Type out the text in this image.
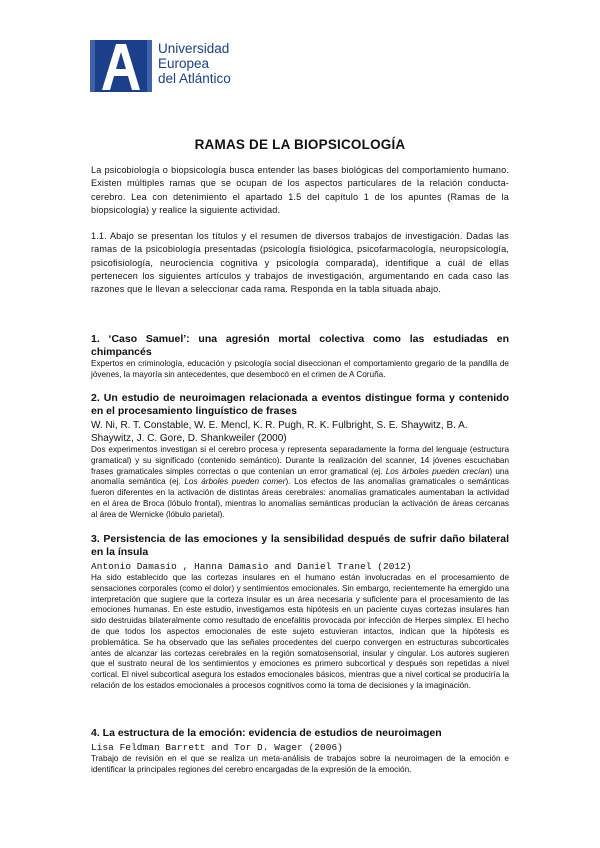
Universidad
Europea
del Atlántico
RAMAS DE LA BIOPSICOLOGÍA
La psicobiología o biopsicología busca entender las bases biológicas del comportamiento humano. Existen múltiples ramas que se ocupan de los aspectos particulares de la relación conducta-cerebro. Lea con detenimiento el apartado 1.5 del capítulo 1 de los apuntes (Ramas de la biopsicología) y realice la siguiente actividad.
1.1. Abajo se presentan los títulos y el resumen de diversos trabajos de investigación. Dadas las ramas de la psicobiología presentadas (psicología fisiológica, psicofarmacología, neuropsicología, psicofisiología, neurociencia cognitiva y psicología comparada), identifique a cuál de ellas pertenecen los siguientes artículos y trabajos de investigación, argumentando en cada caso las razones que le llevan a seleccionar cada rama. Responda en la tabla situada abajo.
1. ‘Caso Samuel’: una agresión mortal colectiva como las estudiadas en chimpancés
Expertos en criminología, educación y psicología social diseccionan el comportamiento gregario de la pandilla de jóvenes, la mayoría sin antecedentes, que desembocó en el crimen de A Coruña.
2. Un estudio de neuroimagen relacionada a eventos distingue forma y contenido en el procesamiento linguístico de frases
W. Ni, R. T. Constable, W. E. Mencl, K. R. Pugh, R. K. Fulbright, S. E. Shaywitz, B. A. Shaywitz, J. C. Gore, D. Shankweiler (2000)
Dos experimentos investigan si el cerebro procesa y representa separadamente la forma del lenguaje (estructura gramatical) y su significado (contenido semántico). Durante la realización del scanner, 14 jóvenes escuchaban frases gramaticales simples correctas o que contenían un error gramatical (ej. Los árboles pueden crecían) una anomalía semántica (ej. Los árboles pueden comer). Los efectos de las anomalías gramaticales o semánticas fueron diferentes en la activación de distintas áreas cerebrales: anomalías gramaticales aumentaban la actividad en el área de Broca (lóbulo frontal), mientras lo anomalías semánticas producían la activación de áreas cercanas al área de Wernicke (lóbulo parietal).
3. Persistencia de las emociones y la sensibilidad después de sufrir daño bilateral en la ínsula
Antonio Damasio , Hanna Damasio and Daniel Tranel (2012)
Ha sido establecido que las cortezas insulares en el humano están involucradas en el procesamiento de sensaciones corporales (como el dolor) y sentimientos emocionales. Sin embargo, recientemente ha emergido una interpretación que sugiere que la corteza insular es un área necesaria y suficiente para el procesamiento de las emociones humanas. En este estudio, investigamos esta hipótesis en un paciente cuyas cortezas insulares han sido destruidas bilateralmente como resultado de encefalitis provocada por infección de Herpes simplex. El hecho de que todos los aspectos emocionales de este sujeto estuvieran intactos, indican que la hipótesis es problemática. Se ha observado que las señales procedentes del cuerpo convergen en estructuras subcorticales antes de alcanzar las cortezas cerebrales en la región somatosensorial, insular y cingular. Los autores sugieren que el sustrato neural de los sentimientos y emociones es primero subcortical y después son repetidas a nivel cortical. El nivel subcortical asegura los estados emocionales básicos, mientras que a nivel cortical se produciría la relación de los estados emocionales a procesos cognitivos como la toma de decisiones y la imaginación.
4. La estructura de la emoción: evidencia de estudios de neuroimagen
Lisa Feldman Barrett and Tor D. Wager (2006)
Trabajo de revisión en el que se realiza un meta-análisis de trabajos sobre la neuroimagen de la emoción e identificar la principales regiones del cerebro encargadas de la expresión de la emoción.
